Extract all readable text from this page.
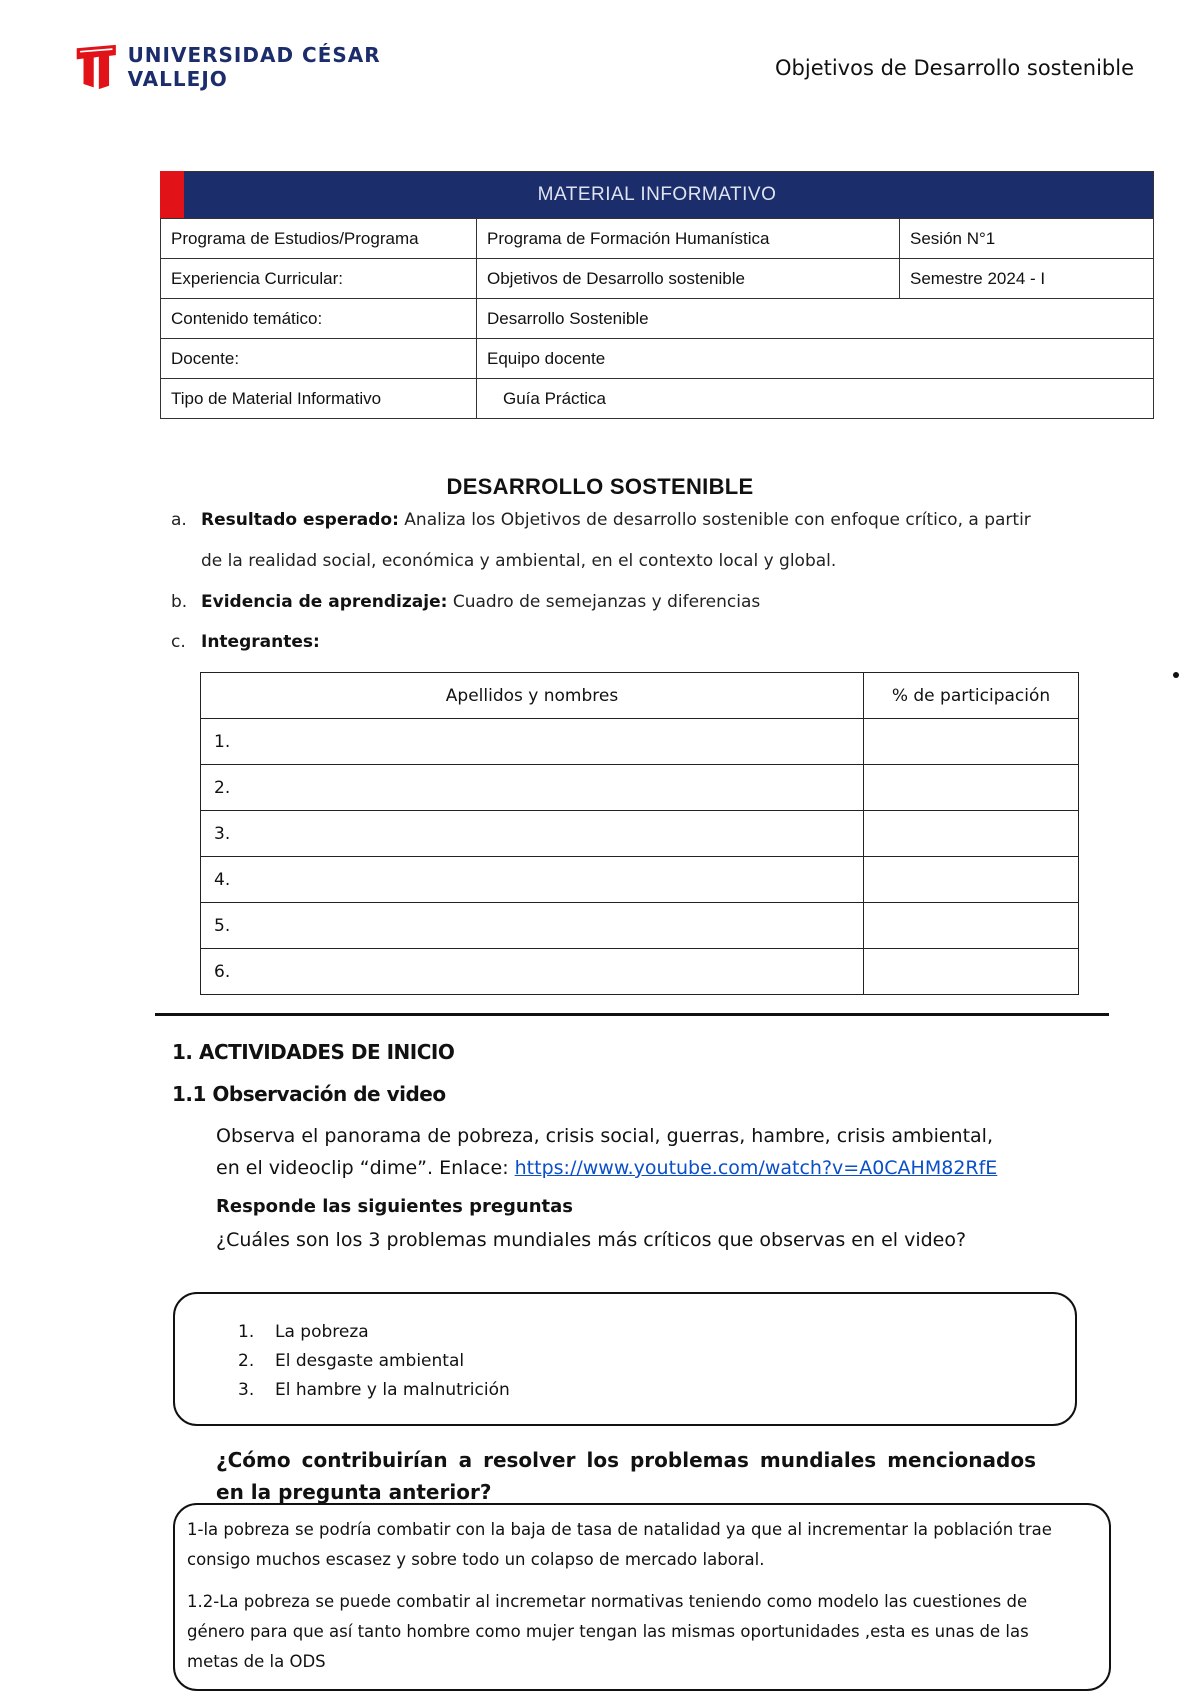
UNIVERSIDAD CÉSAR VALLEJO	Objetivos de Desarrollo sostenible
MATERIAL INFORMATIVO		
Programa de Estudios/Programa	Programa de Formación Humanística	Sesión N°1
Experiencia Curricular:	Objetivos de Desarrollo sostenible	Semestre 2024 - I
Contenido temático:	Desarrollo Sostenible	
Docente:	Equipo docente	
Tipo de Material Informativo	Guía Práctica	
DESARROLLO SOSTENIBLE
a. Resultado esperado: Analiza los Objetivos de desarrollo sostenible con enfoque crítico, a partir
de la realidad social, económica y ambiental, en el contexto local y global.
b. Evidencia de aprendizaje: Cuadro de semejanzas y diferencias
c. Integrantes:
Apellidos y nombres	% de participación
1.	
2.	
3.	
4.	
5.	
6.	
1. ACTIVIDADES DE INICIO
1.1 Observación de video
Observa el panorama de pobreza, crisis social, guerras, hambre, crisis ambiental,
en el videoclip “dime”. Enlace: https://www.youtube.com/watch?v=A0CAHM82RfE
Responde las siguientes preguntas
¿Cuáles son los 3 problemas mundiales más críticos que observas en el video?
1. La pobreza
2. El desgaste ambiental
3. El hambre y la malnutrición
¿Cómo contribuirían a resolver los problemas mundiales mencionados en la pregunta anterior?
1-la pobreza se podría combatir con la baja de tasa de natalidad ya que al incrementar la población trae consigo muchos escasez y sobre todo un colapso de mercado laboral.
1.2-La pobreza se puede combatir al incremetar normativas teniendo como modelo las cuestiones de género para que así tanto hombre como mujer tengan las mismas oportunidades ,esta es unas de las metas de la ODS
